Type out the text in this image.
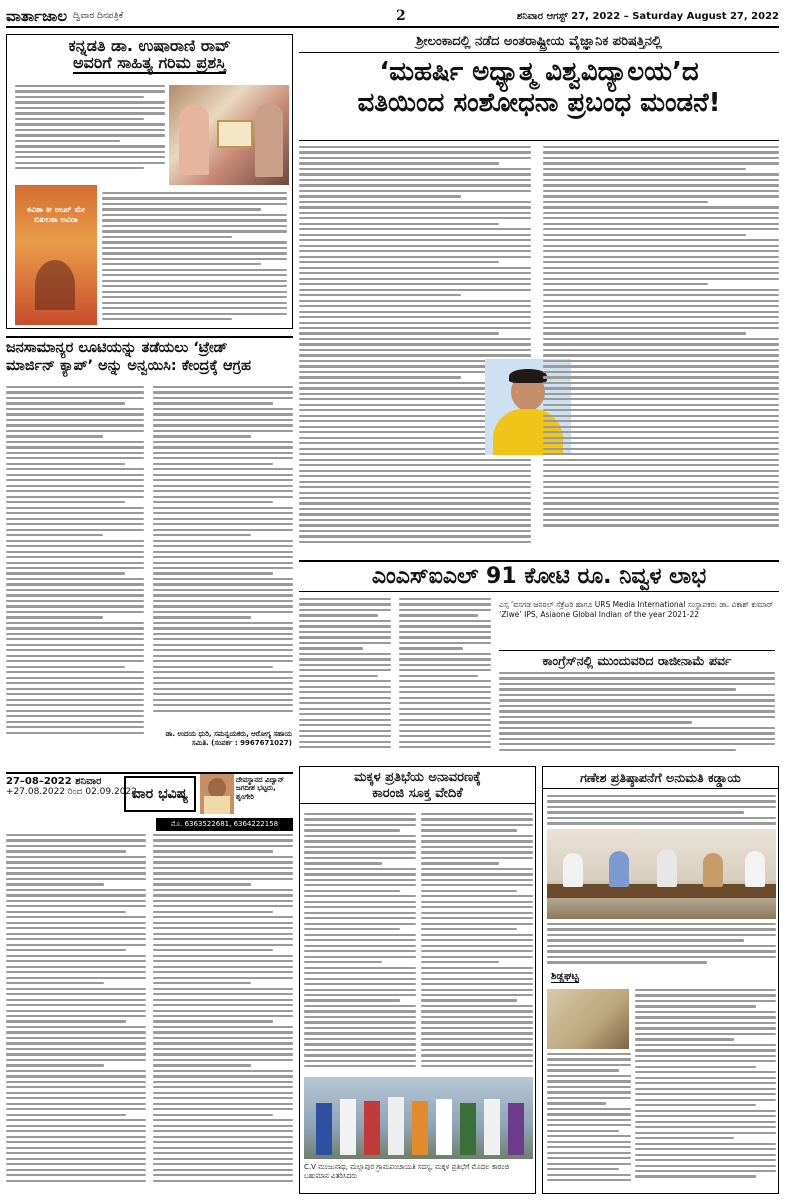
ವಾರ್ತಾಜಾಲ ದ್ವಿವಾರ ದಿನಪತ್ರಿಕೆ	2	ಶನಿವಾರ ಆಗಸ್ಟ್ 27, 2022 – Saturday August 27, 2022
ಕನ್ನಡತಿ ಡಾ. ಉಷಾರಾಣಿ ರಾವ್
ಅವರಿಗೆ ಸಾಹಿತ್ಯ ಗರಿಮ ಪ್ರಶಸ್ತಿ
ಕವಿತಾ ಕೀ ಆಂಖ್ ಮೇ ಬಿಖಲತಾ ಅವಿರಾ
ಶ್ರೀಲಂಕಾದಲ್ಲಿ ನಡೆದ ಅಂತರಾಷ್ಟ್ರೀಯ ವೈಜ್ಞಾನಿಕ ಪರಿಷತ್ತಿನಲ್ಲಿ
‘ಮಹರ್ಷಿ ಅಧ್ಯಾತ್ಮ ವಿಶ್ವವಿದ್ಯಾಲಯ’ದ
ವತಿಯಿಂದ ಸಂಶೋಧನಾ ಪ್ರಬಂಧ ಮಂಡನೆ!
ಜನಸಾಮಾನ್ಯರ ಲೂಟಿಯನ್ನು ತಡೆಯಲು ‘ಟ್ರೇಡ್
ಮಾರ್ಜಿನ್ ಕ್ಯಾಪ್’ ಅನ್ನು ಅನ್ವಯಿಸಿ: ಕೇಂದ್ರಕ್ಕೆ ಆಗ್ರಹ
ಡಾ. ಉದಯ ಧುರಿ, ಸಮನ್ವಯಕರು, ಆರೋಗ್ಯ ಸಹಾಯ ಸಮಿತಿ. (ಸಂಪರ್ಕ : 9967671027)
ಎಂಎಸ್‌ಐಎಲ್ 91 ಕೋಟಿ ರೂ. ನಿವ್ವಳ ಲಾಭ
ಎಸ್ಸ ‘ವಸಗಡ ಜನರಲ್ ಸೆಕ್ರೆಟರಿ ಹಾಗೂ URS Media International ಸಂಸ್ಥಾಪಕರು ಡಾ. ವಿಕಾಶ್ ಕುಮಾರ್ ‘Ziwe’ IPS, Asiaone Global Indian of the year 2021-22
ಕಾಂಗ್ರೆಸ್‌ನಲ್ಲಿ ಮುಂದುವರಿದ ರಾಜೀನಾಮೆ ಪರ್ವ
27–08–2022 ಶನಿವಾರ
+27.08.2022 ರಿಂದ 02.09.2022
ವಾರ ಭವಿಷ್ಯ
ದೇವಸ್ಥಾನದ ವಿದ್ವಾನ್ ಜಗದೀಶ ಭಟ್ಟರು, ಶೃಂಗೇರಿ
ಮೊ. 6363522681, 6364222158
ಮಕ್ಕಳ ಪ್ರತಿಭೆಯ ಅನಾವರಣಕ್ಕೆ
ಕಾರಂಜಿ ಸೂಕ್ತ ವೇದಿಕೆ
C.V ಮಂಜುನಾಥ, ಮಲ್ಲಾಪುರ ಗ್ರಾಮಪಂಚಾಯತಿ ಸದಸ್ಯ, ಮಕ್ಕಳ ಪ್ರತಿಭೆಗೆ ಮೊದಲ ಕಾರಂಜಿ ಬಹುಮಾನ ವಿತರಿಸಿದರು
ಗಣೇಶ ಪ್ರತಿಷ್ಠಾಪನೆಗೆ ಅನುಮತಿ ಕಡ್ಡಾಯ
ಶಿಡ್ಲಘಟ್ಟ
